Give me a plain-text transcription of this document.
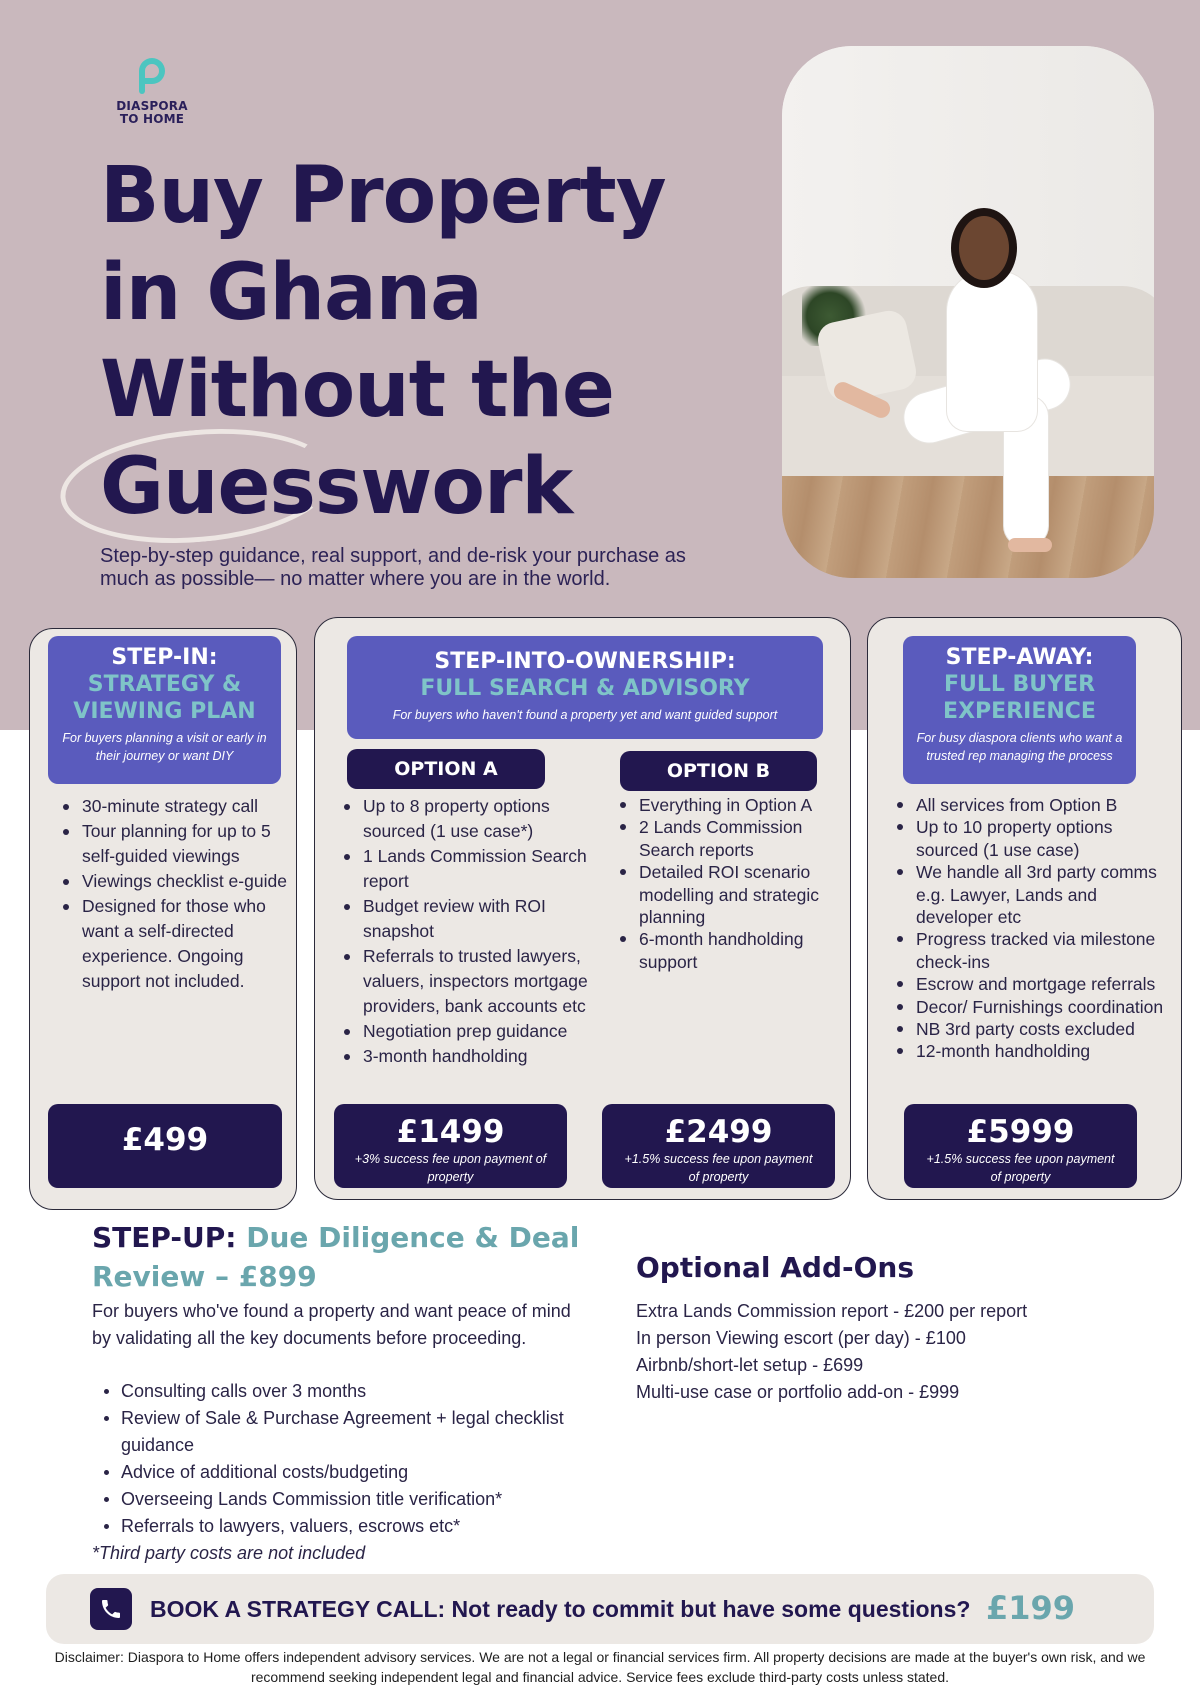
DIASPORA
TO HOME
Buy Property
in Ghana
Without the
Guesswork
Step-by-step guidance, real support, and de-risk your purchase as much as possible— no matter where you are in the world.
STEP-IN:
STRATEGY &
VIEWING PLAN
For buyers planning a visit or early in their journey or want DIY
30-minute strategy call
Tour planning for up to 5 self-guided viewings
Viewings checklist e-guide
Designed for those who want a self-directed experience. Ongoing support not included.
£499
STEP-INTO-OWNERSHIP:
FULL SEARCH & ADVISORY
For buyers who haven't found a property yet and want guided support
OPTION A	OPTION B
Up to 8 property options sourced (1 use case*)
1 Lands Commission Search report
Budget review with ROI snapshot
Referrals to trusted lawyers, valuers, inspectors mortgage providers, bank accounts etc
Negotiation prep guidance
3-month handholding
Everything in Option A
2 Lands Commission Search reports
Detailed ROI scenario modelling and strategic planning
6-month handholding support
£1499
+3% success fee upon payment of property
£2499
+1.5% success fee upon payment of property
STEP-AWAY:
FULL BUYER
EXPERIENCE
For busy diaspora clients who want a trusted rep managing the process
All services from Option B
Up to 10 property options sourced (1 use case)
We handle all 3rd party comms e.g. Lawyer, Lands and developer etc
Progress tracked via milestone check-ins
Escrow and mortgage referrals
Decor/ Furnishings coordination
NB 3rd party costs excluded
12-month handholding
£5999
+1.5% success fee upon payment of property
STEP-UP: Due Diligence & Deal Review – £899
For buyers who've found a property and want peace of mind by validating all the key documents before proceeding.
Consulting calls over 3 months
Review of Sale & Purchase Agreement + legal checklist guidance
Advice of additional costs/budgeting
Overseeing Lands Commission title verification*
Referrals to lawyers, valuers, escrows etc*
*Third party costs are not included
Optional Add-Ons
Extra Lands Commission report - £200 per report
In person Viewing escort (per day) - £100
Airbnb/short-let setup - £699
Multi-use case or portfolio add-on - £999
BOOK A STRATEGY CALL: Not ready to commit but have some questions? £199
Disclaimer: Diaspora to Home offers independent advisory services. We are not a legal or financial services firm. All property decisions are made at the buyer's own risk, and we recommend seeking independent legal and financial advice. Service fees exclude third-party costs unless stated.
